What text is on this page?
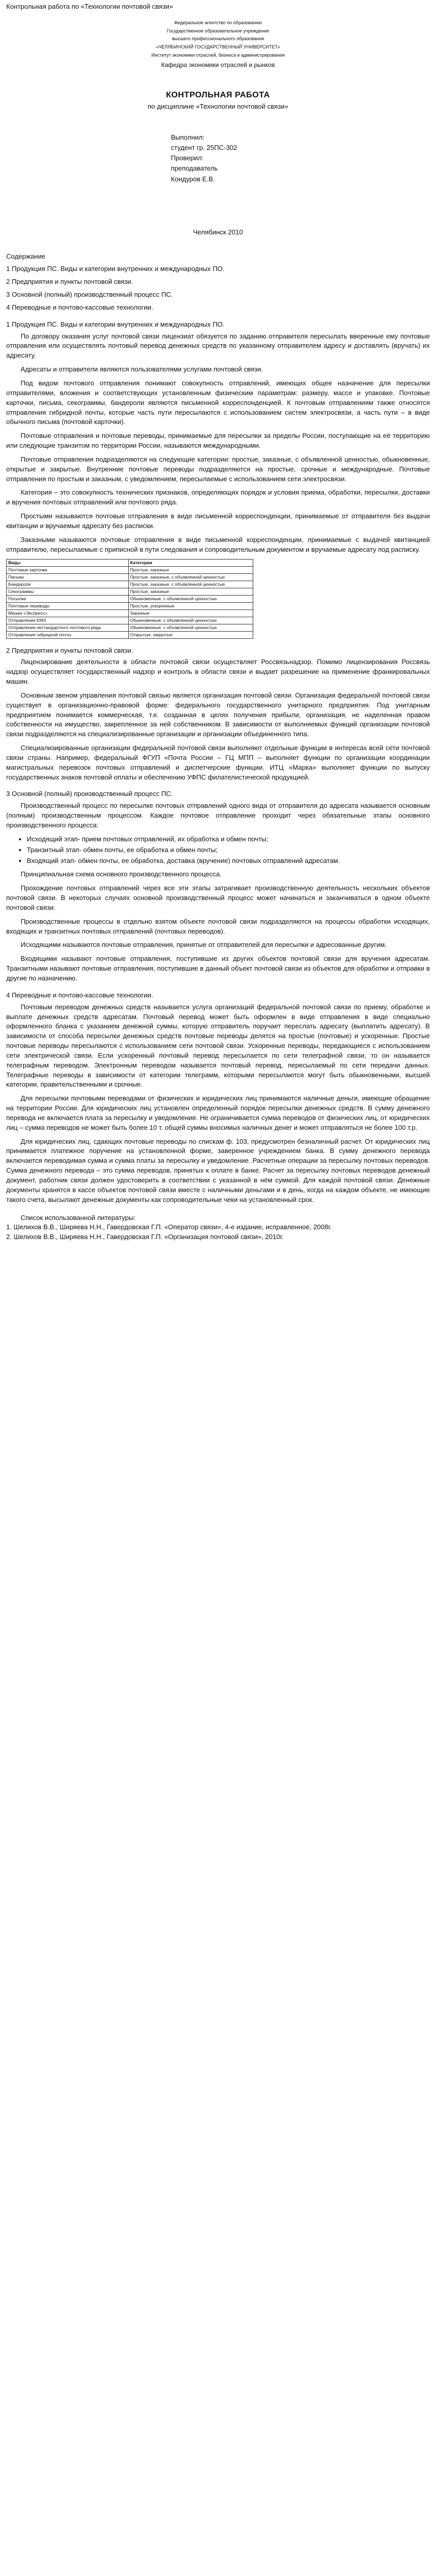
Контрольная работа по «Технологии почтовой связи»
Федеральное агентство по образованию
Государственное образовательное учреждение
высшего профессионального образования
«ЧЕЛЯБИНСКИЙ ГОСУДАРСТВЕННЫЙ УНИВЕРСИТЕТ»
Институт экономики отраслей, бизнеса и администрирования
Кафедра экономики отраслей и рынков
КОНТРОЛЬНАЯ РАБОТА
по дисциплине «Технологии почтовой связи»
Выполнил:
студент гр. 25ПС-302
Проверил:
преподаватель
Кондуров Е.В.
Челябинск 2010
Содержание
1 Продукция ПС. Виды и категории внутренних и международных ПО.
2 Предприятия и пункты почтовой связи.
3 Основной (полный) производственный процесс ПС.
4 Переводные и почтово-кассовые технологии.
1 Продукция ПС. Виды и категории внутренних и международных ПО.

По договору оказания услуг почтовой связи лицензиат обязуется по заданию отправителя пересылать вверенные ему почтовые отправления или осуществлять почтовый перевод денежных средств по указанному отправителем адресу и доставлять (вручать) их адресату.

Адресаты и отправители являются пользователями услугами почтовой связи.

Под видом почтового отправления понимают совокупность отправлений, имеющих общее назначение для пересылки отправителями, вложения и соответствующих установленным физическим параметрам: размеру, массе и упаковке. Почтовые карточки, письма, секограммы, бандероли являются письменной корреспонденцией. К почтовым отправлениям также относятся отправления гибридной почты, которые часть пути пересылаются с использованием систем электросвязи, а часть пути – в виде обычного письма (почтовой карточки).

Почтовые отправления и почтовые переводы, принимаемые для пересылки за пределы России, поступающие на её территорию или следующие транзитом по территории России, называются международными.

Почтовые отправления подразделяются на следующие категории: простые, заказные, с объявленной ценностью, обыкновенные, открытые и закрытые. Внутренние почтовые переводы подразделяются на простые, срочные и международные. Почтовые отправления по простым и заказным, с уведомлением, пересылаемые с использованием сети электросвязи.

Категория – это совокупность технических признаков, определяющих порядок и условия приема, обработки, пересылки, доставки и вручения почтовых отправлений или почтового ряда.

Простыми называются почтовые отправления в виде письменной корреспонденции, принимаемые от отправителя без выдачи квитанции и вручаемые адресату без расписки.

Заказными называются почтовые отправления в виде письменной корреспонденции, принимаемые с выдачей квитанцией отправителю, пересылаемые с приписной в пути следования и сопроводительным документом и вручаемые адресату под расписку.

Виды	Категории
Почтовые карточки	Простые, заказные
Письма	Простые, заказные, с объявленной ценностью
Бандероли	Простые, заказные, с объявленной ценностью
Секограммы	Простые, заказные
Посылки	Обыкновенные, с объявленной ценностью
Почтовые переводы	Простые, ускоренные
Мешки «Экспресс»	Заказные
Отправления EMS	Обыкновенные, с объявленной ценностью
Отправления нестандартного почтового ряда	Обыкновенные, с объявленной ценностью
Отправления гибридной почты	Открытые, закрытые
2 Предприятия и пункты почтовой связи.

Лицензирование деятельности в области почтовой связи осуществляет Россвязьнадзор. Помимо лицензирования Россвязь надзор осуществляет государственный надзор и контроль в области связи и выдает разрешение на применение франкировальных машин.

Основным звеном управления почтовой связью является организация почтовой связи. Организация федеральной почтовой связи существует в организационно-правовой форме: федерального государственного унитарного предприятия. Под унитарным предприятием понимается коммерческая, т.е. созданная в целях получения прибыли, организация, не наделенная правом собственности на имущество, закрепленное за ней собственником. В зависимости от выполняемых функций организации почтовой связи подразделяются на специализированные организации и организации объединенного типа.

Специализированные организации федеральной почтовой связи выполняют отдельные функции в интересах всей сети почтовой связи страны. Например, федеральный ФГУП «Почта России – ГЦ МПП – выполняет функции по организации координации магистральных перевозок почтовых отправлений и диспетчерские функции. ИТЦ «Марка» выполняет функции по выпуску государственных знаков почтовой оплаты и обеспечению УФПС филателистической продукцией.

3 Основной (полный) производственный процесс ПС.

Производственный процесс по пересылке почтовых отправлений одного вида от отправителя до адресата называется основным (полным) производственным процессом. Каждое почтовое отправление проходит через обязательные этапы основного производственного процесса:

• Исходящий этап- прием почтовых отправлений, их обработка и обмен почты;
• Транзитный этап- обмен почты, ее обработка и обмен почты;
• Входящий этап- обмен почты, ее обработка, доставка (вручение) почтовых отправлений адресатам.

Принципиальная схема основного производственного процесса.

Прохождение почтовых отправлений через все эти этапы затрагивает производственную деятельность нескольких объектов почтовой связи. В некоторых случаях основной производственный процесс может начинаться и заканчиваться в одном объекте почтовой связи.

Производственные процессы в отдельно взятом объекте почтовой связи подразделяются на процессы обработки исходящих, входящих и транзитных почтовых отправлений (почтовых переводов).

Исходящими называются почтовые отправления, принятые от отправителей для пересылки и адресованные другим.

Входящими называют почтовые отправления, поступившие из других объектов почтовой связи для вручения адресатам. Транзитными называют почтовые отправления, поступившие в данный объект почтовой связи из объектов для обработки и отправки в другие по назначению.

4 Переводные и почтово-кассовые технологии.

Почтовым переводом денежных средств называется услуга организаций федеральной почтовой связи по приему, обработке и выплате денежных средств адресатам. Почтовый перевод может быть оформлен в виде отправления в виде специально оформленного бланка с указанием денежной суммы, которую отправитель поручает переслать адресату (выплатить адресату). В зависимости от способа пересылки денежных средств почтовые переводы делятся на простые (почтовые) и ускоренные. Простые почтовые переводы пересылаются с использованием сети почтовой связи. Ускоренные переводы, передающиеся с использованием сети электрической связи. Если ускоренный почтовый перевод пересылается по сети телеграфной связи, то он называется телеграфным переводом. Электронным переводом называется почтовый перевод, пересылаемый по сети передачи данных. Телеграфные переводы в зависимости от категории телеграмм, которыми пересылаются могут быть обыкновенными, высшей категории, правительственными и срочные.

Для пересылки почтовыми переводами от физических и юридических лиц принимаются наличные деньги, имеющие обращение на территории России. Для юридических лиц установлен определенный порядок пересылки денежных средств. В сумму денежного перевода не включается плата за пересылку и уведомление. Не ограничивается сумма переводов от физических лиц, от юридических лиц – сумма переводов не может быть более 10 т. общей суммы вносимых наличных денег и может отправляться не более 100 т.р.

Для юридических лиц, сдающих почтовые переводы по спискам ф. 103, предусмотрен безналичный расчет. От юридических лиц принимается платежное поручение на установленной форме, заверенное учреждением банка. В сумму денежного перевода включается переводимая сумма и сумма платы за пересылку и уведомление. Расчетные операции за пересылку почтовых переводов. Сумма денежного перевода – это сумма переводов, принятых к оплате в банке. Расчет за пересылку почтовых переводов денежный документ, работник связи должен удостоверить в соответствии с указанной в нём суммой. Для каждой почтовой связи. Денежные документы хранятся в кассе объектов почтовой связи вместе с наличными деньгами и в день, когда на каждом объекте, не имеющие такого счета, высылают денежные документы как сопроводительные чеки на установленный срок.

Список использованной литературы:
1. Шелихов В.В., Ширяева Н.Н., Гавердовская Г.П. «Оператор связи», 4-е издание, исправленное, 2008г.
2. Шелихов В.В., Ширяева Н.Н., Гавердовская Г.П. «Организация почтовой связи», 2010г.
